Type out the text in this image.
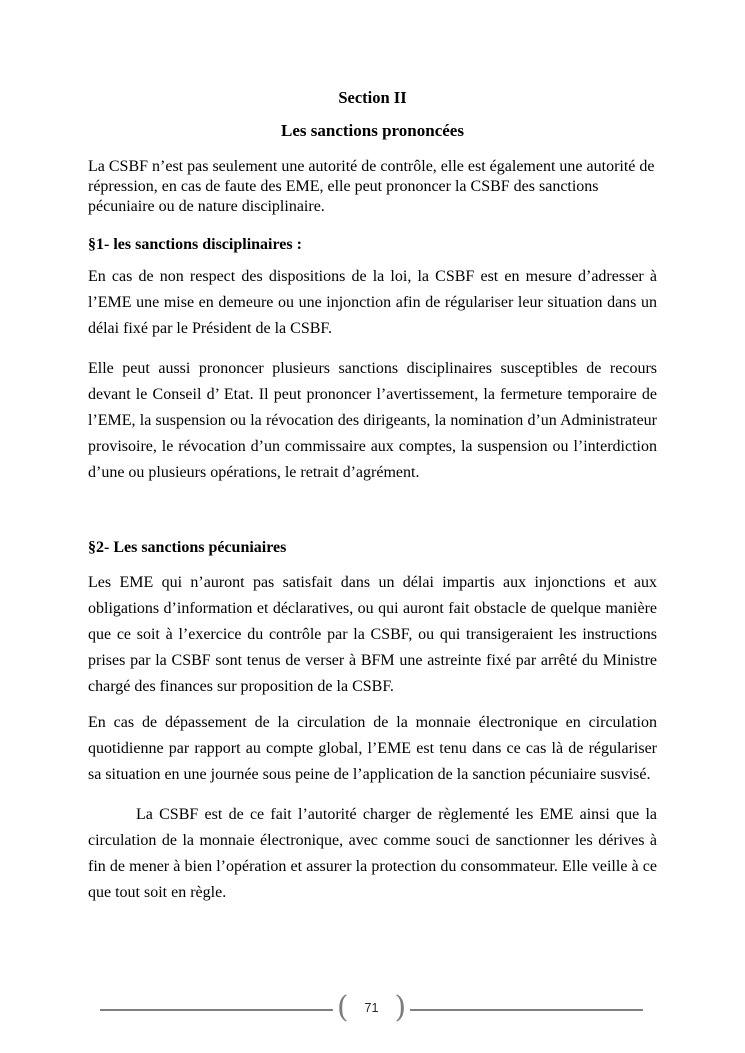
Section II
Les sanctions prononcées

La CSBF n’est pas seulement une autorité de contrôle, elle est également une autorité de répression, en cas de faute des EME, elle peut prononcer la CSBF des sanctions pécuniaire ou de nature disciplinaire.

§1- les sanctions disciplinaires :

En cas de non respect des dispositions de la loi, la CSBF est en mesure d’adresser à l’EME une mise en demeure ou une injonction afin de régulariser leur situation dans un délai fixé par le Président de la CSBF.

Elle peut aussi prononcer plusieurs sanctions disciplinaires susceptibles de recours devant le Conseil d’ Etat. Il peut prononcer l’avertissement, la fermeture temporaire de l’EME, la suspension ou la révocation des dirigeants, la nomination d’un Administrateur provisoire, le révocation d’un commissaire aux comptes, la suspension ou l’interdiction d’une ou plusieurs opérations, le retrait d’agrément.

§2- Les sanctions pécuniaires

Les EME qui n’auront pas satisfait dans un délai impartis aux injonctions et aux obligations d’information et déclaratives, ou qui auront fait obstacle de quelque manière que ce soit à l’exercice du contrôle par la CSBF, ou qui transigeraient les instructions prises par la CSBF sont tenus de verser à BFM une astreinte fixé par arrêté du Ministre chargé des finances sur proposition de la CSBF.

En cas de dépassement de la circulation de la monnaie électronique en circulation quotidienne par rapport au compte global, l’EME est tenu dans ce cas là de régulariser sa situation en une journée sous peine de l’application de la sanction pécuniaire susvisé.

La CSBF est de ce fait l’autorité charger de règlementé les EME ainsi que la circulation de la monnaie électronique, avec comme souci de sanctionner les dérives à fin de mener à bien l’opération et assurer la protection du consommateur. Elle veille à ce que tout soit en règle.

( 71 )
